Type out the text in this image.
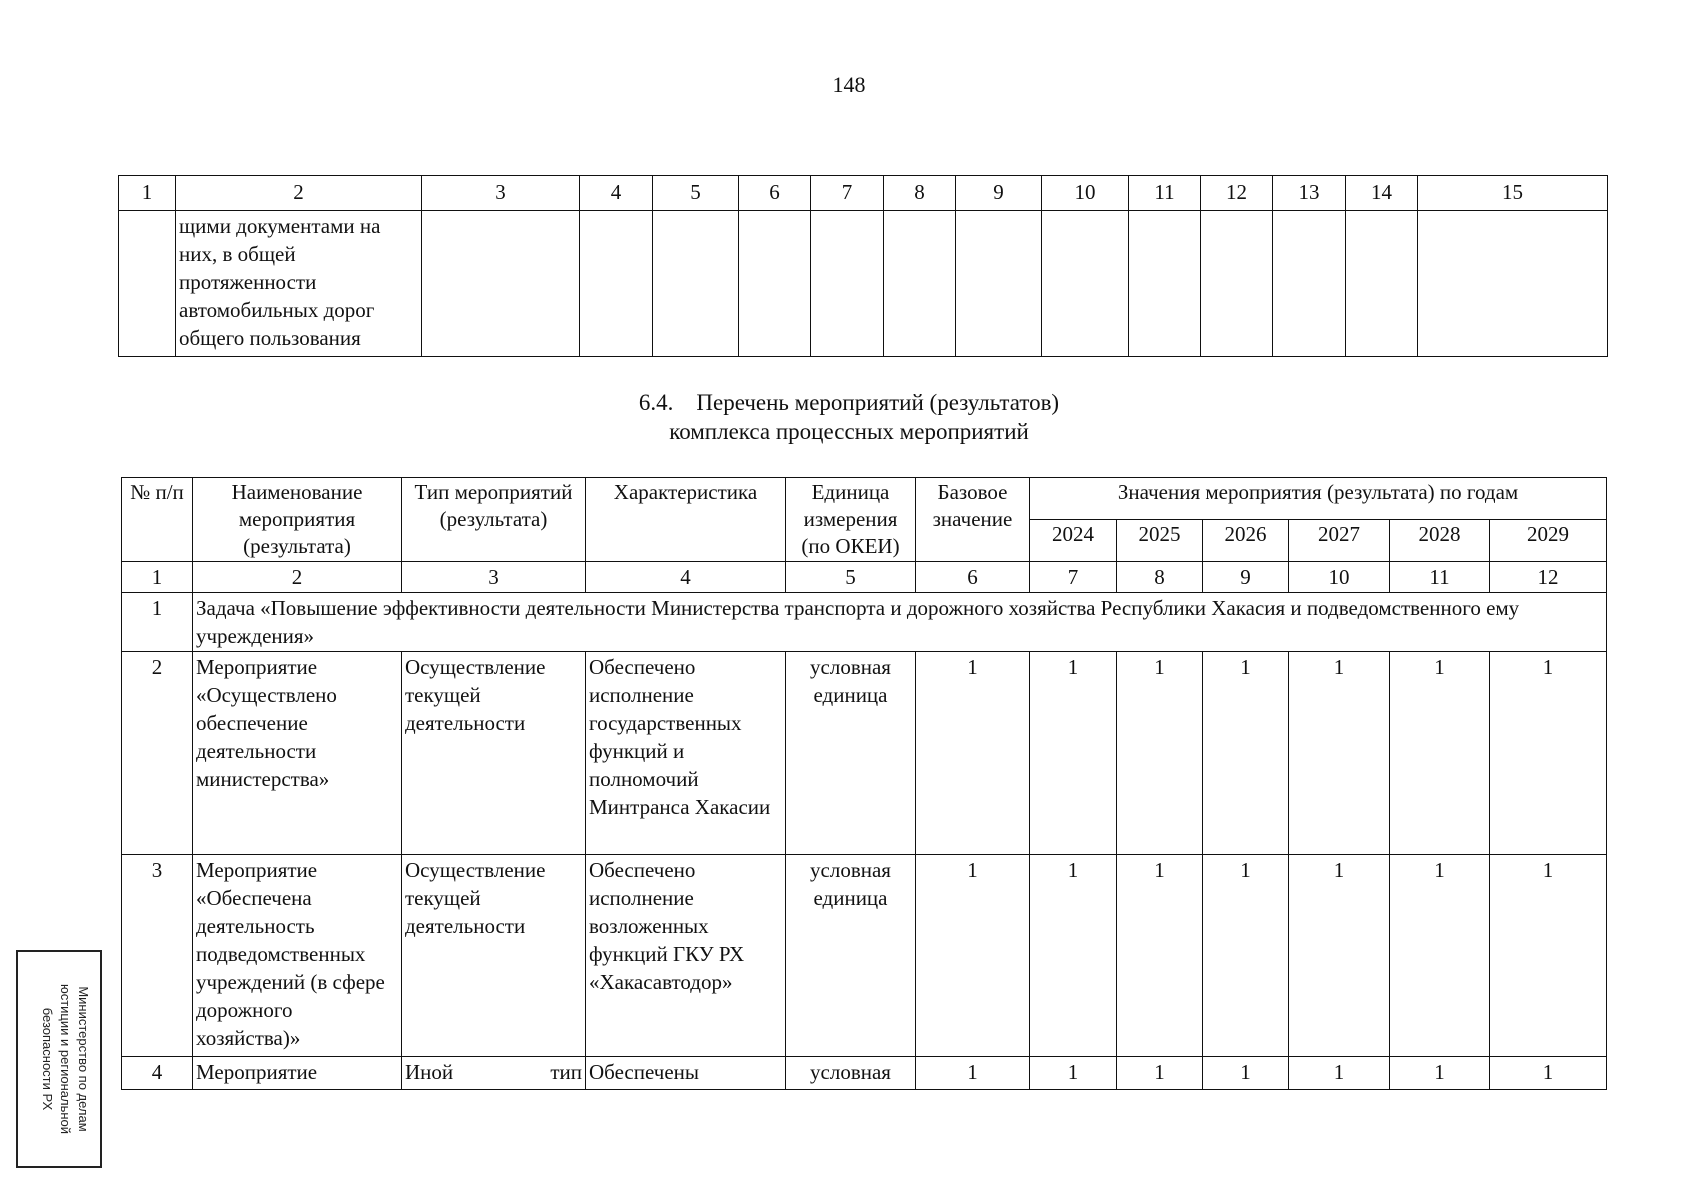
148
1	2	3	4	5	6	7	8	9	10	11	12	13	14	15
	щими документами на них, в общей протяженности автомобильных дорог общего пользования													
6.4.    Перечень мероприятий (результатов)
комплекса процессных мероприятий
№ п/п	Наименование мероприятия (результата)	Тип мероприятий (результата)	Характеристика	Единица измерения (по ОКЕИ)	Базовое значение	Значения мероприятия (результата) по годам					
						2024	2025	2026	2027	2028	2029
1	2	3	4	5	6	7	8	9	10	11	12
1	Задача «Повышение эффективности деятельности Министерства транспорта и дорожного хозяйства Республики Хакасия и подведомственного ему учреждения»										
2	Мероприятие «Осуществлено обеспечение деятельности министерства»	Осуществление текущей деятельности	Обеспечено исполнение государственных функций и полномочий Минтранса Хакасии	условная единица	1	1	1	1	1	1	1
3	Мероприятие «Обеспечена деятельность подведомственных учреждений (в сфере дорожного хозяйства)»	Осуществление текущей деятельности	Обеспечено исполнение возложенных функций ГКУ РХ «Хакасавтодор»	условная единица	1	1	1	1	1	1	1
4	Мероприятие	Иной тип	Обеспечены	условная	1	1	1	1	1	1	1
Министерство по делам
юстиции и региональной
безопасности РХ
